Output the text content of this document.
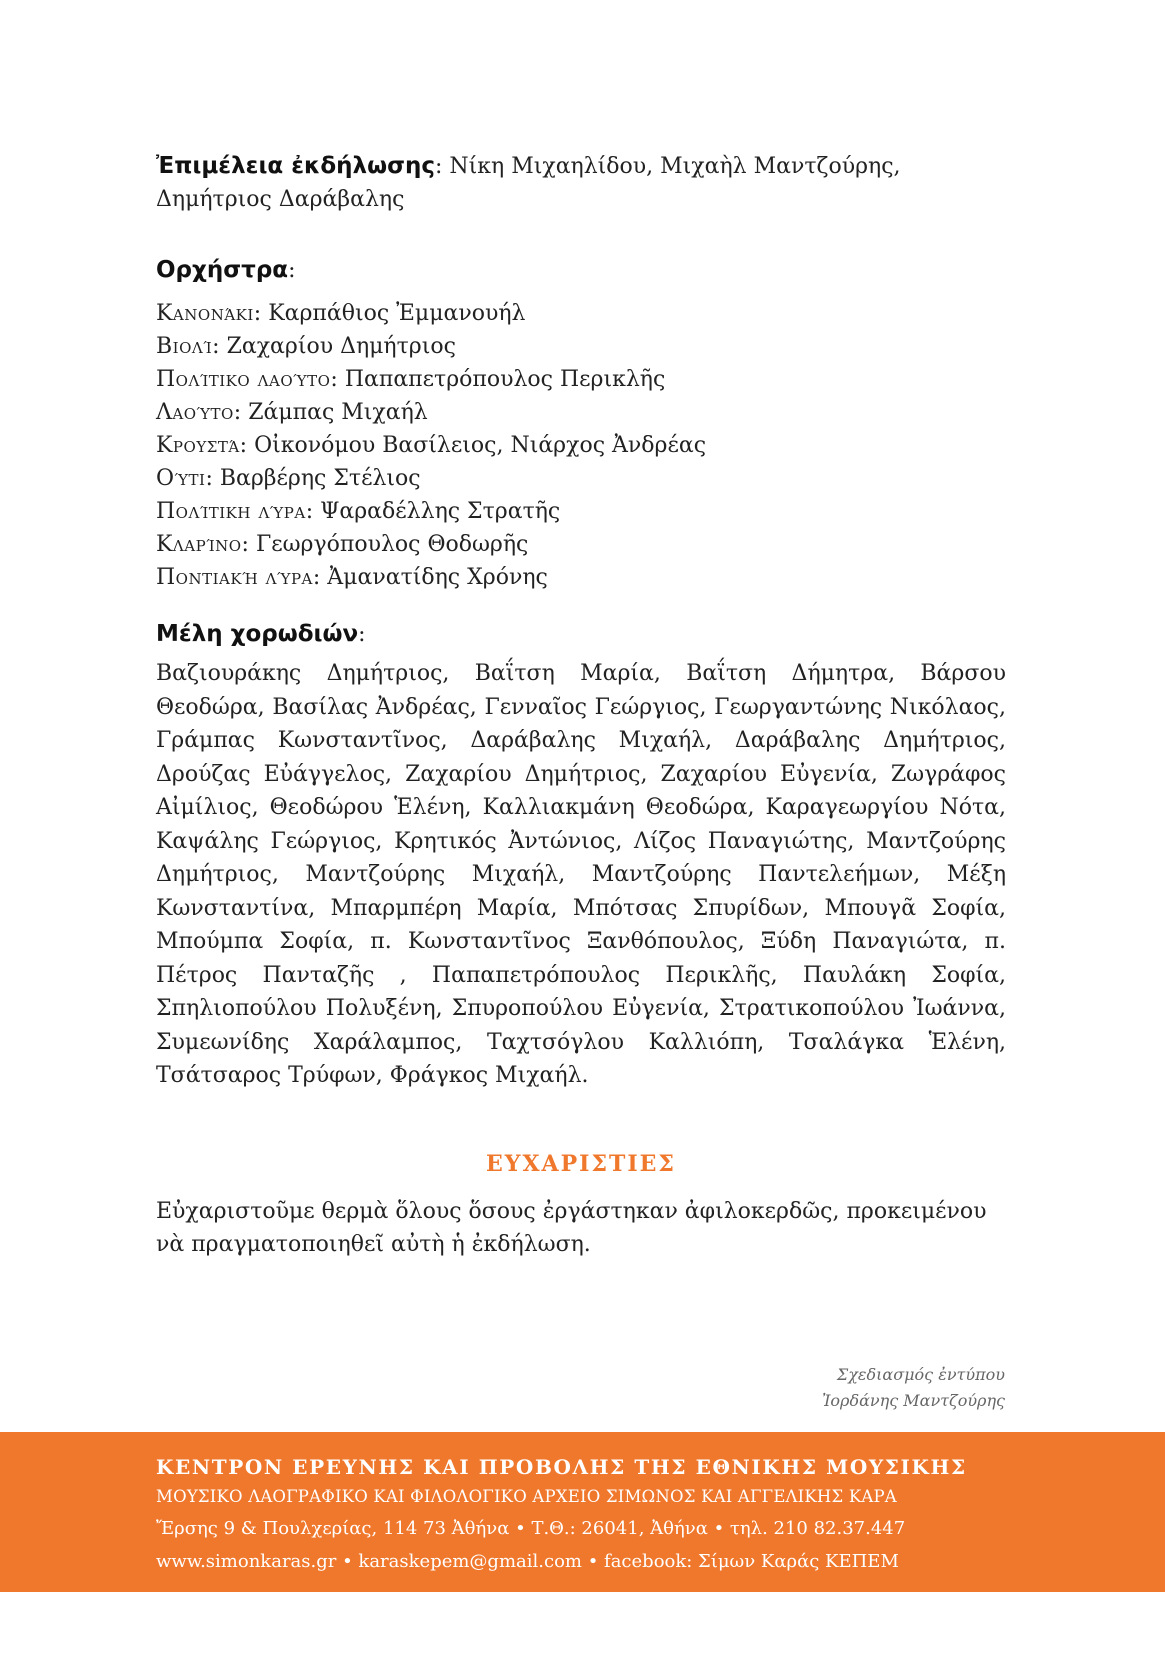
Ἐπιμέλεια ἐκδήλωσης: Νίκη Μιχαηλίδου, Μιχαὴλ Μαντζούρης, Δημήτριος Δαράβαλης

Ορχήστρα:

Κανονάκι: Καρπάθιος Ἐμμανουήλ
Βιολί: Ζαχαρίου Δημήτριος
Πολίτικο λαούτο: Παπαπετρόπουλος Περικλῆς
Λαούτο: Ζάμπας Μιχαήλ
Κρουστά: Οἰκονόμου Βασίλειος, Νιάρχος Ἀνδρέας
Ούτι: Βαρβέρης Στέλιος
Πολίτικη λύρα: Ψαραδέλλης Στρατῆς
Κλαρίνο: Γεωργόπουλος Θοδωρῆς
Ποντιακή λύρα: Ἀμανατίδης Χρόνης

Μέλη χορωδιών:

Βαζιουράκης Δημήτριος, Βαΐτση Μαρία, Βαΐτση Δήμητρα, Βάρσου Θεοδώρα, Βασίλας Ἀνδρέας, Γενναῖος Γεώργιος, Γεωργαντώνης Νικόλαος, Γράμπας Κωνσταντῖνος, Δαράβαλης Μιχαήλ, Δαράβαλης Δημήτριος, Δρούζας Εὐάγγελος, Ζαχαρίου Δημήτριος, Ζαχαρίου Εὐγενία, Ζωγράφος Αἰμίλιος, Θεοδώρου Ἑλένη, Καλλιακμάνη Θεοδώρα, Καραγεωργίου Νότα, Καψάλης Γεώργιος, Κρητικός Ἀντώνιος, Λίζος Παναγιώτης, Μαντζούρης Δημήτριος, Μαντζούρης Μιχαήλ, Μαντζούρης Παντελεήμων, Μέξη Κωνσταντίνα, Μπαρμπέρη Μαρία, Μπότσας Σπυρίδων, Μπουγᾶ Σοφία, Μπούμπα Σοφία, π. Κωνσταντῖνος Ξανθόπουλος, Ξύδη Παναγιώτα, π. Πέτρος Πανταζῆς , Παπαπετρόπουλος Περικλῆς, Παυλάκη Σοφία, Σπηλιοπούλου Πολυξένη, Σπυροπούλου Εὐγενία, Στρατικοπούλου Ἰωάννα, Συμεωνίδης Χαράλαμπος, Ταχτσόγλου Καλλιόπη, Τσαλάγκα Ἑλένη, Τσάτσαρος Τρύφων, Φράγκος Μιχαήλ.

ΕΥΧΑΡΙΣΤΙΕΣ

Εὐχαριστοῦμε θερμὰ ὅλους ὅσους ἐργάστηκαν ἀφιλοκερδῶς, προκειμένου νὰ πραγματοποιηθεῖ αὐτὴ ἡ ἐκδήλωση.

Σχεδιασμός ἐντύπου
Ἰορδάνης Μαντζούρης
ΚΕΝΤΡΟΝ ΕΡΕΥΝΗΣ ΚΑΙ ΠΡΟΒΟΛΗΣ ΤΗΣ ΕΘΝΙΚΗΣ ΜΟΥΣΙΚΗΣ
ΜΟΥΣΙΚΟ ΛΑΟΓΡΑΦΙΚΟ ΚΑΙ ΦΙΛΟΛΟΓΙΚΟ ΑΡΧΕΙΟ ΣΙΜΩΝΟΣ ΚΑΙ ΑΓΓΕΛΙΚΗΣ ΚΑΡΑ
Ἔρσης 9 & Πουλχερίας, 114 73 Ἀθήνα • Τ.Θ.: 26041, Ἀθήνα • τηλ. 210 82.37.447
www.simonkaras.gr • karaskepem@gmail.com • facebook: Σίμων Καράς ΚΕΠΕΜ
